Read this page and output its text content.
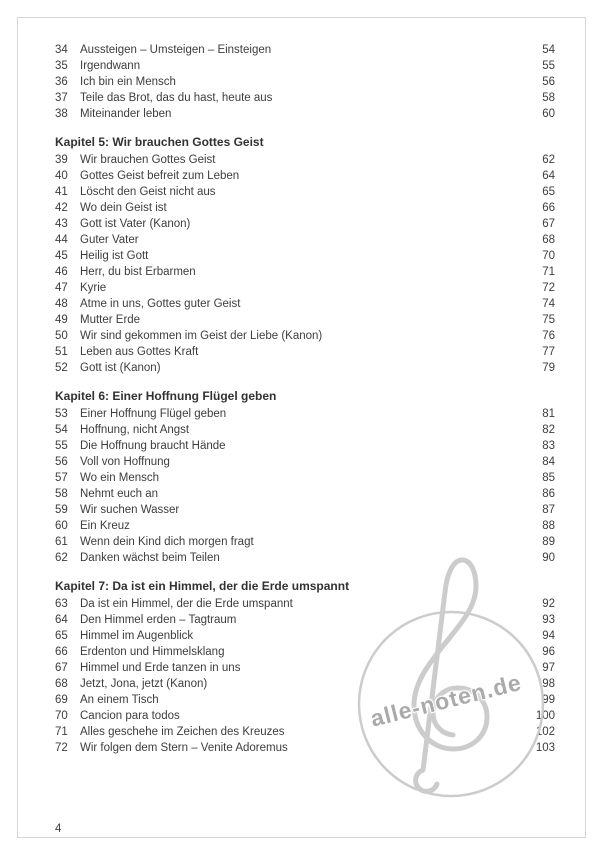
34	Aussteigen – Umsteigen – Einsteigen	54
35	Irgendwann	55
36	Ich bin ein Mensch	56
37	Teile das Brot, das du hast, heute aus	58
38	Miteinander leben	60
Kapitel 5: Wir brauchen Gottes Geist
39	Wir brauchen Gottes Geist	62
40	Gottes Geist befreit zum Leben	64
41	Löscht den Geist nicht aus	65
42	Wo dein Geist ist	66
43	Gott ist Vater (Kanon)	67
44	Guter Vater	68
45	Heilig ist Gott	70
46	Herr, du bist Erbarmen	71
47	Kyrie	72
48	Atme in uns, Gottes guter Geist	74
49	Mutter Erde	75
50	Wir sind gekommen im Geist der Liebe (Kanon)	76
51	Leben aus Gottes Kraft	77
52	Gott ist (Kanon)	79
Kapitel 6: Einer Hoffnung Flügel geben
53	Einer Hoffnung Flügel geben	81
54	Hoffnung, nicht Angst	82
55	Die Hoffnung braucht Hände	83
56	Voll von Hoffnung	84
57	Wo ein Mensch	85
58	Nehmt euch an	86
59	Wir suchen Wasser	87
60	Ein Kreuz	88
61	Wenn dein Kind dich morgen fragt	89
62	Danken wächst beim Teilen	90
Kapitel 7: Da ist ein Himmel, der die Erde umspannt
63	Da ist ein Himmel, der die Erde umspannt	92
64	Den Himmel erden – Tagtraum	93
65	Himmel im Augenblick	94
66	Erdenton und Himmelsklang	96
67	Himmel und Erde tanzen in uns	97
68	Jetzt, Jona, jetzt (Kanon)	98
69	An einem Tisch	99
70	Cancion para todos	100
71	Alles geschehe im Zeichen des Kreuzes	102
72	Wir folgen dem Stern – Venite Adoremus	103
alle-noten.de
4
